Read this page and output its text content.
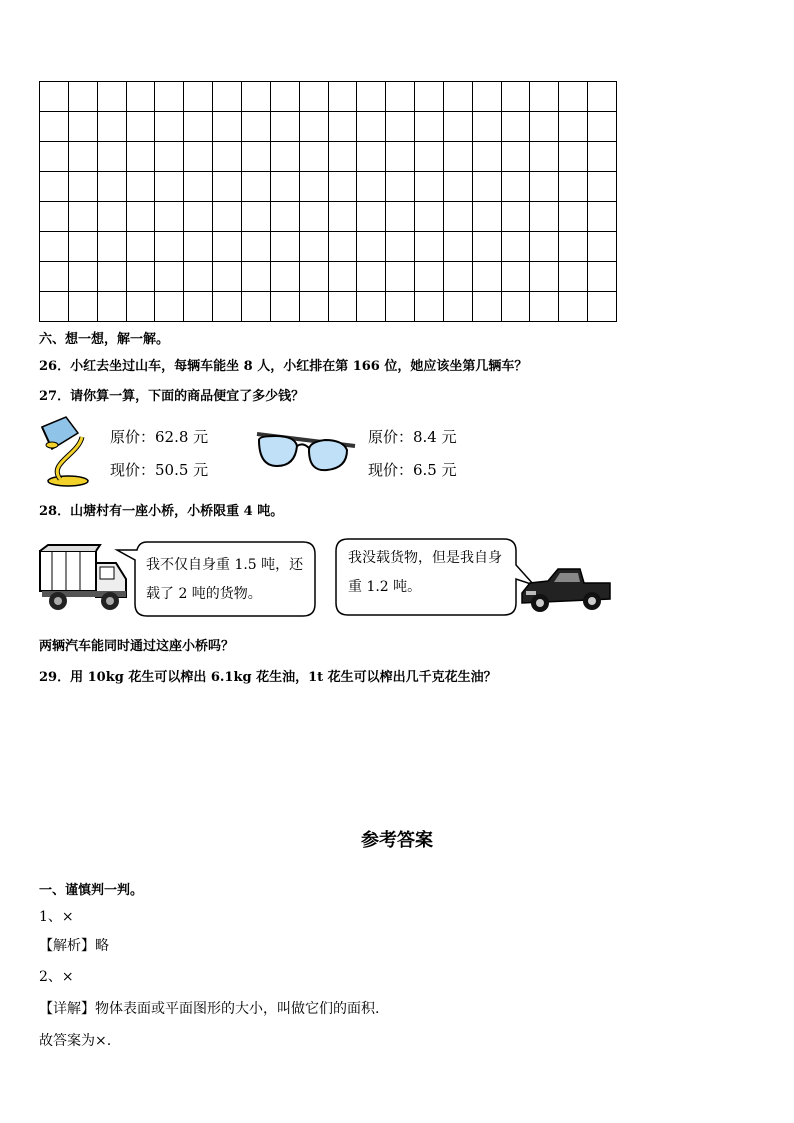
六、想一想，解一解。
26．小红去坐过山车，每辆车能坐 8 人，小红排在第 166 位，她应该坐第几辆车？
27．请你算一算，下面的商品便宜了多少钱？
原价：62.8 元
现价：50.5 元
原价：8.4 元
现价：6.5 元
28．山塘村有一座小桥，小桥限重 4 吨。
我不仅自身重 1.5 吨，还
载了 2 吨的货物。
我没载货物，但是我自身
重 1.2 吨。
两辆汽车能同时通过这座小桥吗？
29．用 10kg 花生可以榨出 6.1kg 花生油，1t 花生可以榨出几千克花生油？
参考答案
一、谨慎判一判。
1、×
【解析】略
2、×
【详解】物体表面或平面图形的大小，叫做它们的面积.
故答案为×.
